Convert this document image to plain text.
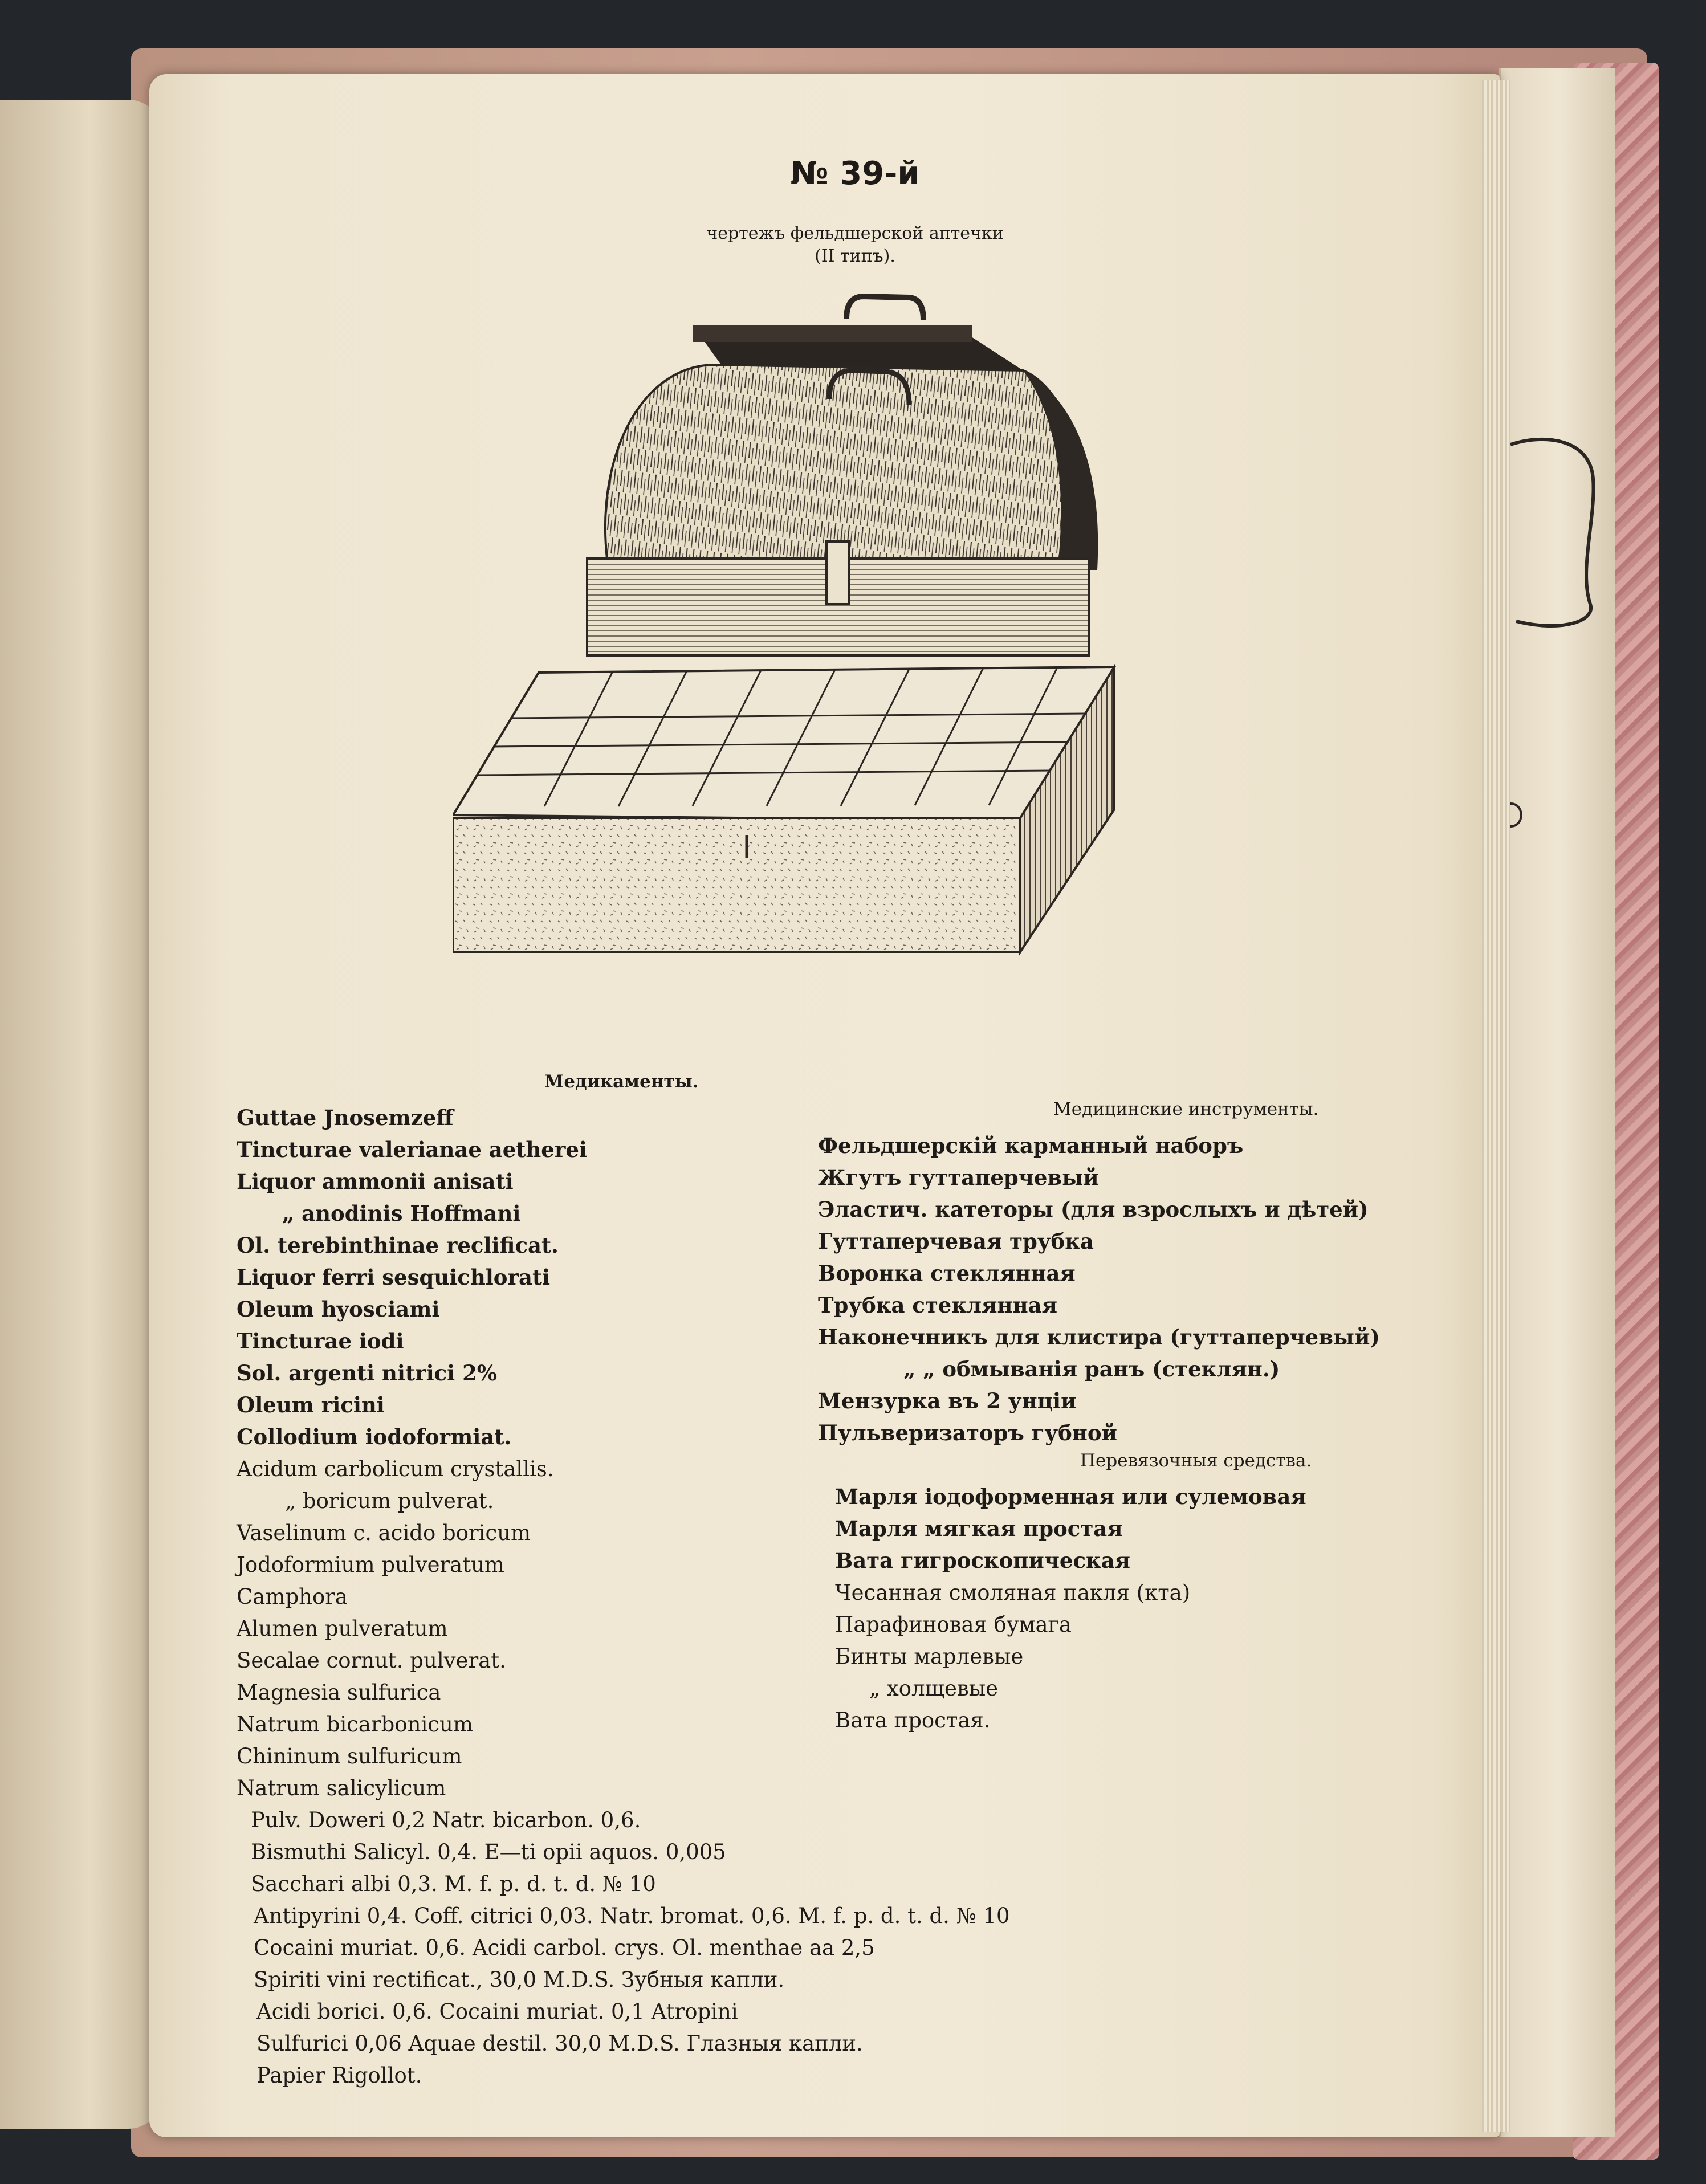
№ 39-й
чертежъ фельдшерской аптечки
(II типъ).
Медикаменты.
Медицинские инструменты.
Перевязочныя средства.
Guttae Jnosemzeff
Tincturae valerianae aetherei
Liquor ammonii anisati
„ anodinis Hoffmani
Ol. terebinthinae reclificat.
Liquor ferri sesquichlorati
Oleum hyosciami
Tincturae iodi
Sol. argenti nitrici 2%
Oleum ricini
Collodium iodoformiat.
Acidum carbolicum crystallis.
„ boricum pulverat.
Vaselinum c. acido boricum
Jodoformium pulveratum
Camphora
Alumen pulveratum
Secalae cornut. pulverat.
Magnesia sulfurica
Natrum bicarbonicum
Chininum sulfuricum
Natrum salicylicum
Pulv. Doweri 0,2 Natr. bicarbon. 0,6.
Bismuthi Salicyl. 0,4. E—ti opii aquos. 0,005
Sacchari albi 0,3. M. f. p. d. t. d. № 10
Antipyrini 0,4. Coff. citrici 0,03. Natr. bromat. 0,6. M. f. p. d. t. d. № 10
Cocaini muriat. 0,6. Acidi carbol. crys. Ol. menthae aa 2,5
Spiriti vini rectificat., 30,0 M.D.S. Зубныя капли.
Acidi borici. 0,6. Cocaini muriat. 0,1 Atropini
Sulfurici 0,06 Aquae destil. 30,0 M.D.S. Глазныя капли.
Papier Rigollot.
Фельдшерскій карманный наборъ
Жгутъ гуттаперчевый
Эластич. катеторы (для взрослыхъ и дѣтей)
Гуттаперчевая трубка
Воронка стеклянная
Трубка стеклянная
Наконечникъ для клистира (гуттаперчевый)
„ „ обмыванія ранъ (стеклян.)
Мензурка въ 2 унціи
Пульверизаторъ губной
Марля іодоформенная или сулемовая
Марля мягкая простая
Вата гигроскопическая
Чесанная смоляная пакля (кта)
Парафиновая бумага
Бинты марлевые
„ холщевые
Вата простая.
